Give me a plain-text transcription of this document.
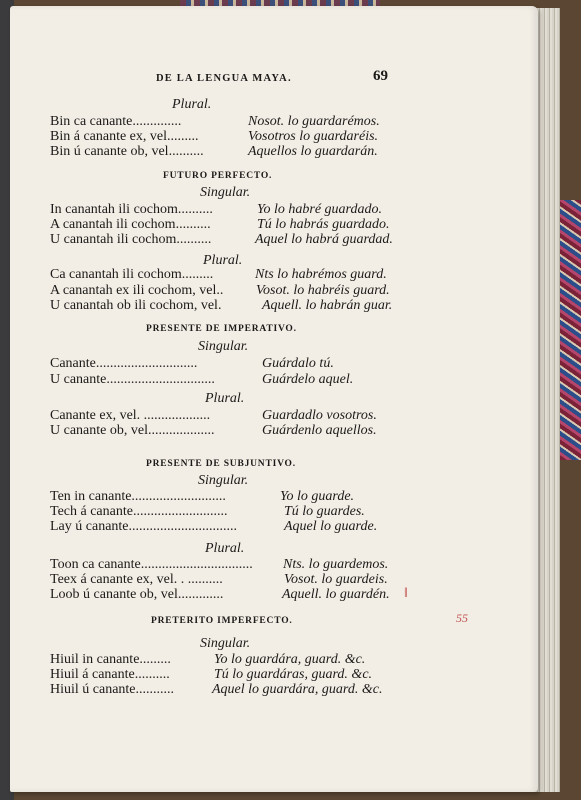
DE LA LENGUA MAYA.	69
Plural.
Bin ca canante..............	Nosot. lo guardarémos.
Bin á canante ex, vel.........	Vosotros lo guardaréis.
Bin ú canante ob, vel..........	Aquellos lo guardarán.
FUTURO PERFECTO.
Singular.
In canantah ili cochom..........	Yo lo habré guardado.
A canantah ili cochom..........	Tú lo habrás guardado.
U canantah ili cochom..........	Aquel lo habrá guardad.
Plural.
Ca canantah ili cochom.........	Nts lo habrémos guard.
A canantah ex ili cochom, vel.. Vosot. lo habréis guard.
U canantah ob ili cochom, vel.	Aquell. lo habrán guar.
PRESENTE DE IMPERATIVO.
Singular.
Canante.............................	Guárdalo tú.
U canante...............................	Guárdelo aquel.
Plural.
Canante ex, vel. ...................	Guardadlo vosotros.
U canante ob, vel...................	Guárdenlo aquellos.
PRESENTE DE SUBJUNTIVO.
Singular.
Ten in canante...........................	Yo lo guarde.
Tech á canante...........................	Tú lo guardes.
Lay ú canante...............................	Aquel lo guarde.
Plural.
Toon ca canante................................ Nts. lo guardemos.
Teex á canante ex, vel. . ..........	Vosot. lo guardeis.
Loob ú canante ob, vel.............	Aquell. lo guardén.
PRETERITO IMPERFECTO.
Singular.
Hiuil in canante.........	Yo lo guardára, guard. &c.
Hiuil á canante..........	Tú lo guardáras, guard. &c.
Hiuil ú canante...........	Aquel lo guardára, guard. &c.
55
‖
